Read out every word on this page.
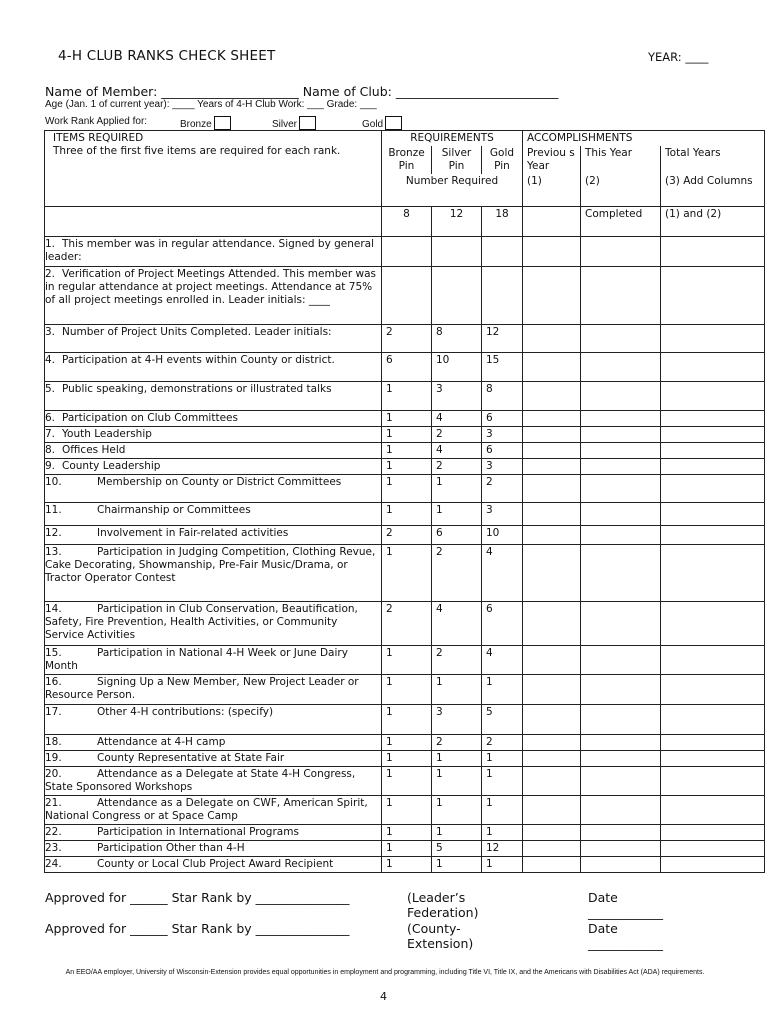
4-H CLUB RANKS CHECK SHEET	YEAR: ____
Name of Member: ______________________ Name of Club: __________________________
Age (Jan. 1 of current year): ____ Years of 4-H Club Work: ___ Grade: ___
Work Rank Applied for:	Bronze	Silver	Gold
ITEMS REQUIRED
Three of the first five items are required for each rank.	REQUIREMENTS			ACCOMPLISHMENTS		
	Bronze Pin	Silver Pin	Gold Pin	Previou s Year	This Year	Total Years
	Number Required			(1)	(2)	(3) Add Columns
	8	12	18		Completed	(1) and (2)
1. This member was in regular attendance. Signed by general leader:						
2. Verification of Project Meetings Attended. This member was in regular attendance at project meetings. Attendance at 75% of all project meetings enrolled in. Leader initials: ____						
3. Number of Project Units Completed. Leader initials:	2	8	12			
4. Participation at 4-H events within County or district.	6	10	15			
5. Public speaking, demonstrations or illustrated talks	1	3	8			
6. Participation on Club Committees	1	4	6			
7. Youth Leadership	1	2	3			
8. Offices Held	1	4	6			
9. County Leadership	1	2	3			
10. Membership on County or District Committees	1	1	2			
11. Chairmanship or Committees	1	1	3			
12. Involvement in Fair-related activities	2	6	10			
13. Participation in Judging Competition, Clothing Revue, Cake Decorating, Showmanship, Pre-Fair Music/Drama, or Tractor Operator Contest	1	2	4			
14. Participation in Club Conservation, Beautification, Safety, Fire Prevention, Health Activities, or Community Service Activities	2	4	6			
15. Participation in National 4-H Week or June Dairy Month	1	2	4			
16. Signing Up a New Member, New Project Leader or Resource Person.	1	1	1			
17. Other 4-H contributions: (specify)	1	3	5			
18. Attendance at 4-H camp	1	2	2			
19. County Representative at State Fair	1	1	1			
20. Attendance as a Delegate at State 4-H Congress, State Sponsored Workshops	1	1	1			
21. Attendance as a Delegate on CWF, American Spirit, National Congress or at Space Camp	1	1	1			
22. Participation in International Programs	1	1	1			
23. Participation Other than 4-H	1	5	12			
24. County or Local Club Project Award Recipient	1	1	1			
Approved for ______ Star Rank by _______________	(Leader’s Federation)
Date ____________
Approved for ______ Star Rank by _______________	(County-Extension)
Date ____________
An EEO/AA employer, University of Wisconsin-Extension provides equal opportunities in employment and programming, including Title VI, Title IX, and the Americans with Disabilities Act (ADA) requirements.
4
